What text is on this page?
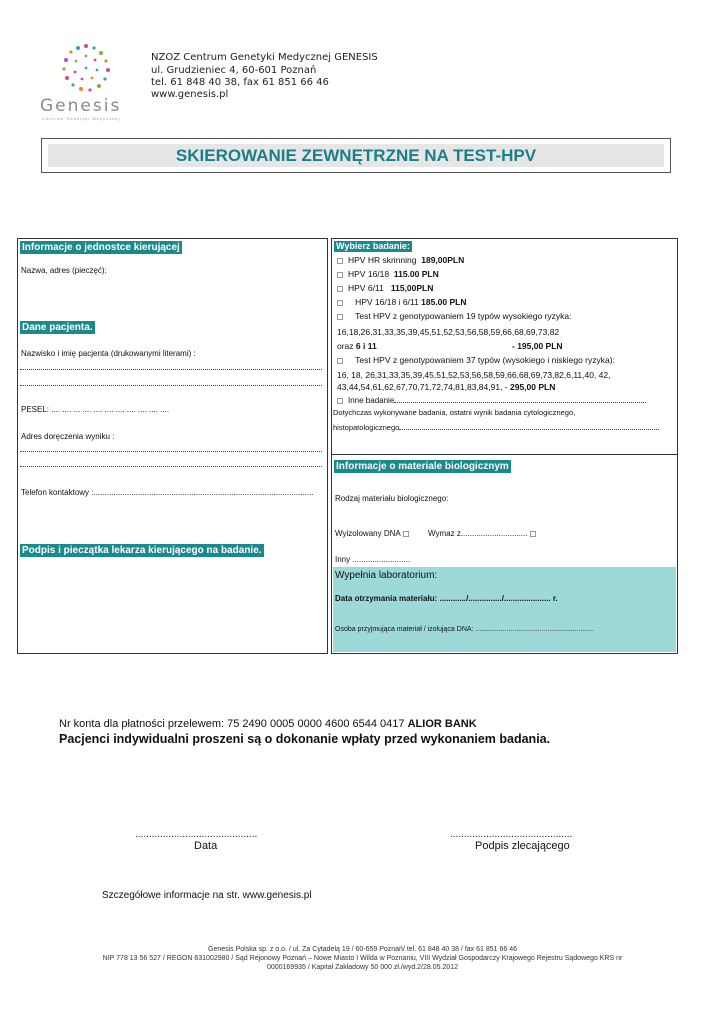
Genesis
Centrum Genetyki Medycznej
NZOZ Centrum Genetyki Medycznej GENESIS
ul. Grudzieniec 4, 60-601 Poznań
tel. 61 848 40 38, fax 61 851 66 46
www.genesis.pl
SKIEROWANIE ZEWNĘTRZNE NA TEST-HPV
Informacje o jednostce kierującej
Nazwa, adres (pieczęć):
Dane pacjenta.
Nazwisko i imię pacjenta (drukowanymi literami) :
PESEL: .... .... ... .... .... .... .... .... .... .... ....
Adres doręczenia wyniku :
Telefon kontaktowy :...................................................................................................
Podpis i pieczątka lekarza kierującego na badanie.
Wybierz badanie:
HPV HR skrinning 189,00PLN
HPV 16/18 115.00 PLN
HPV 6/11 115,00PLN
HPV 16/18 i 6/11 185.00 PLN
Test HPV z genotypowaniem 19 typów wysokiego ryzyka:
16,18,26,31,33,35,39,45,51,52,53,56,58,59,66,68,69,73,82
oraz 6 i 11	- 195,00 PLN
Test HPV z genotypowaniem 37 typów (wysokiego i niskiego ryzyka):
16, 18, 26,31,33,35,39,45,51,52,53,56,58,59,66,68,69,73,82,6,11,40, 42,
43,44,54,61,62,67,70,71,72,74,81,83,84,91, - 295,00 PLN
Inne badanie
Dotychczas wykonywane badania, ostatni wynik badania cytologicznego,
histopatologicznego
Informacje o materiale biologicznym
Rodzaj materiału biologicznego:
Wyizolowany DNA	Wymaz z..............................
Inny ..........................
Wypełnia laboratorium:
Data otrzymania materiału: ............/.............../..................... r.
Osoba przyjmująca materiał / izolująca DNA: .............................................................
Nr konta dla płatności przelewem: 75 2490 0005 0000 4600 6544 0417 ALIOR BANK
Pacjenci indywidualni proszeni są o dokonanie wpłaty przed wykonaniem badania.
............................................
Data
............................................
Podpis zlecającego
Szczegółowe informacje na str. www.genesis.pl
Genesis Polska sp. z o.o. / ul. Za Cytadelą 19 / 60-659 Poznań/ tel. 61 848 40 38 / fax 61 851 66 46
NIP 778 13 56 527 / REGON 631002980 / Sąd Rejonowy Poznań – Nowe Miasto I Wilda w Poznaniu, VIII Wydział Gospodarczy Krajowego Rejestru Sądowego KRS nr
0000169935 / Kapitał Zakładowy 50 000 zł./wyd.2/28.05.2012
